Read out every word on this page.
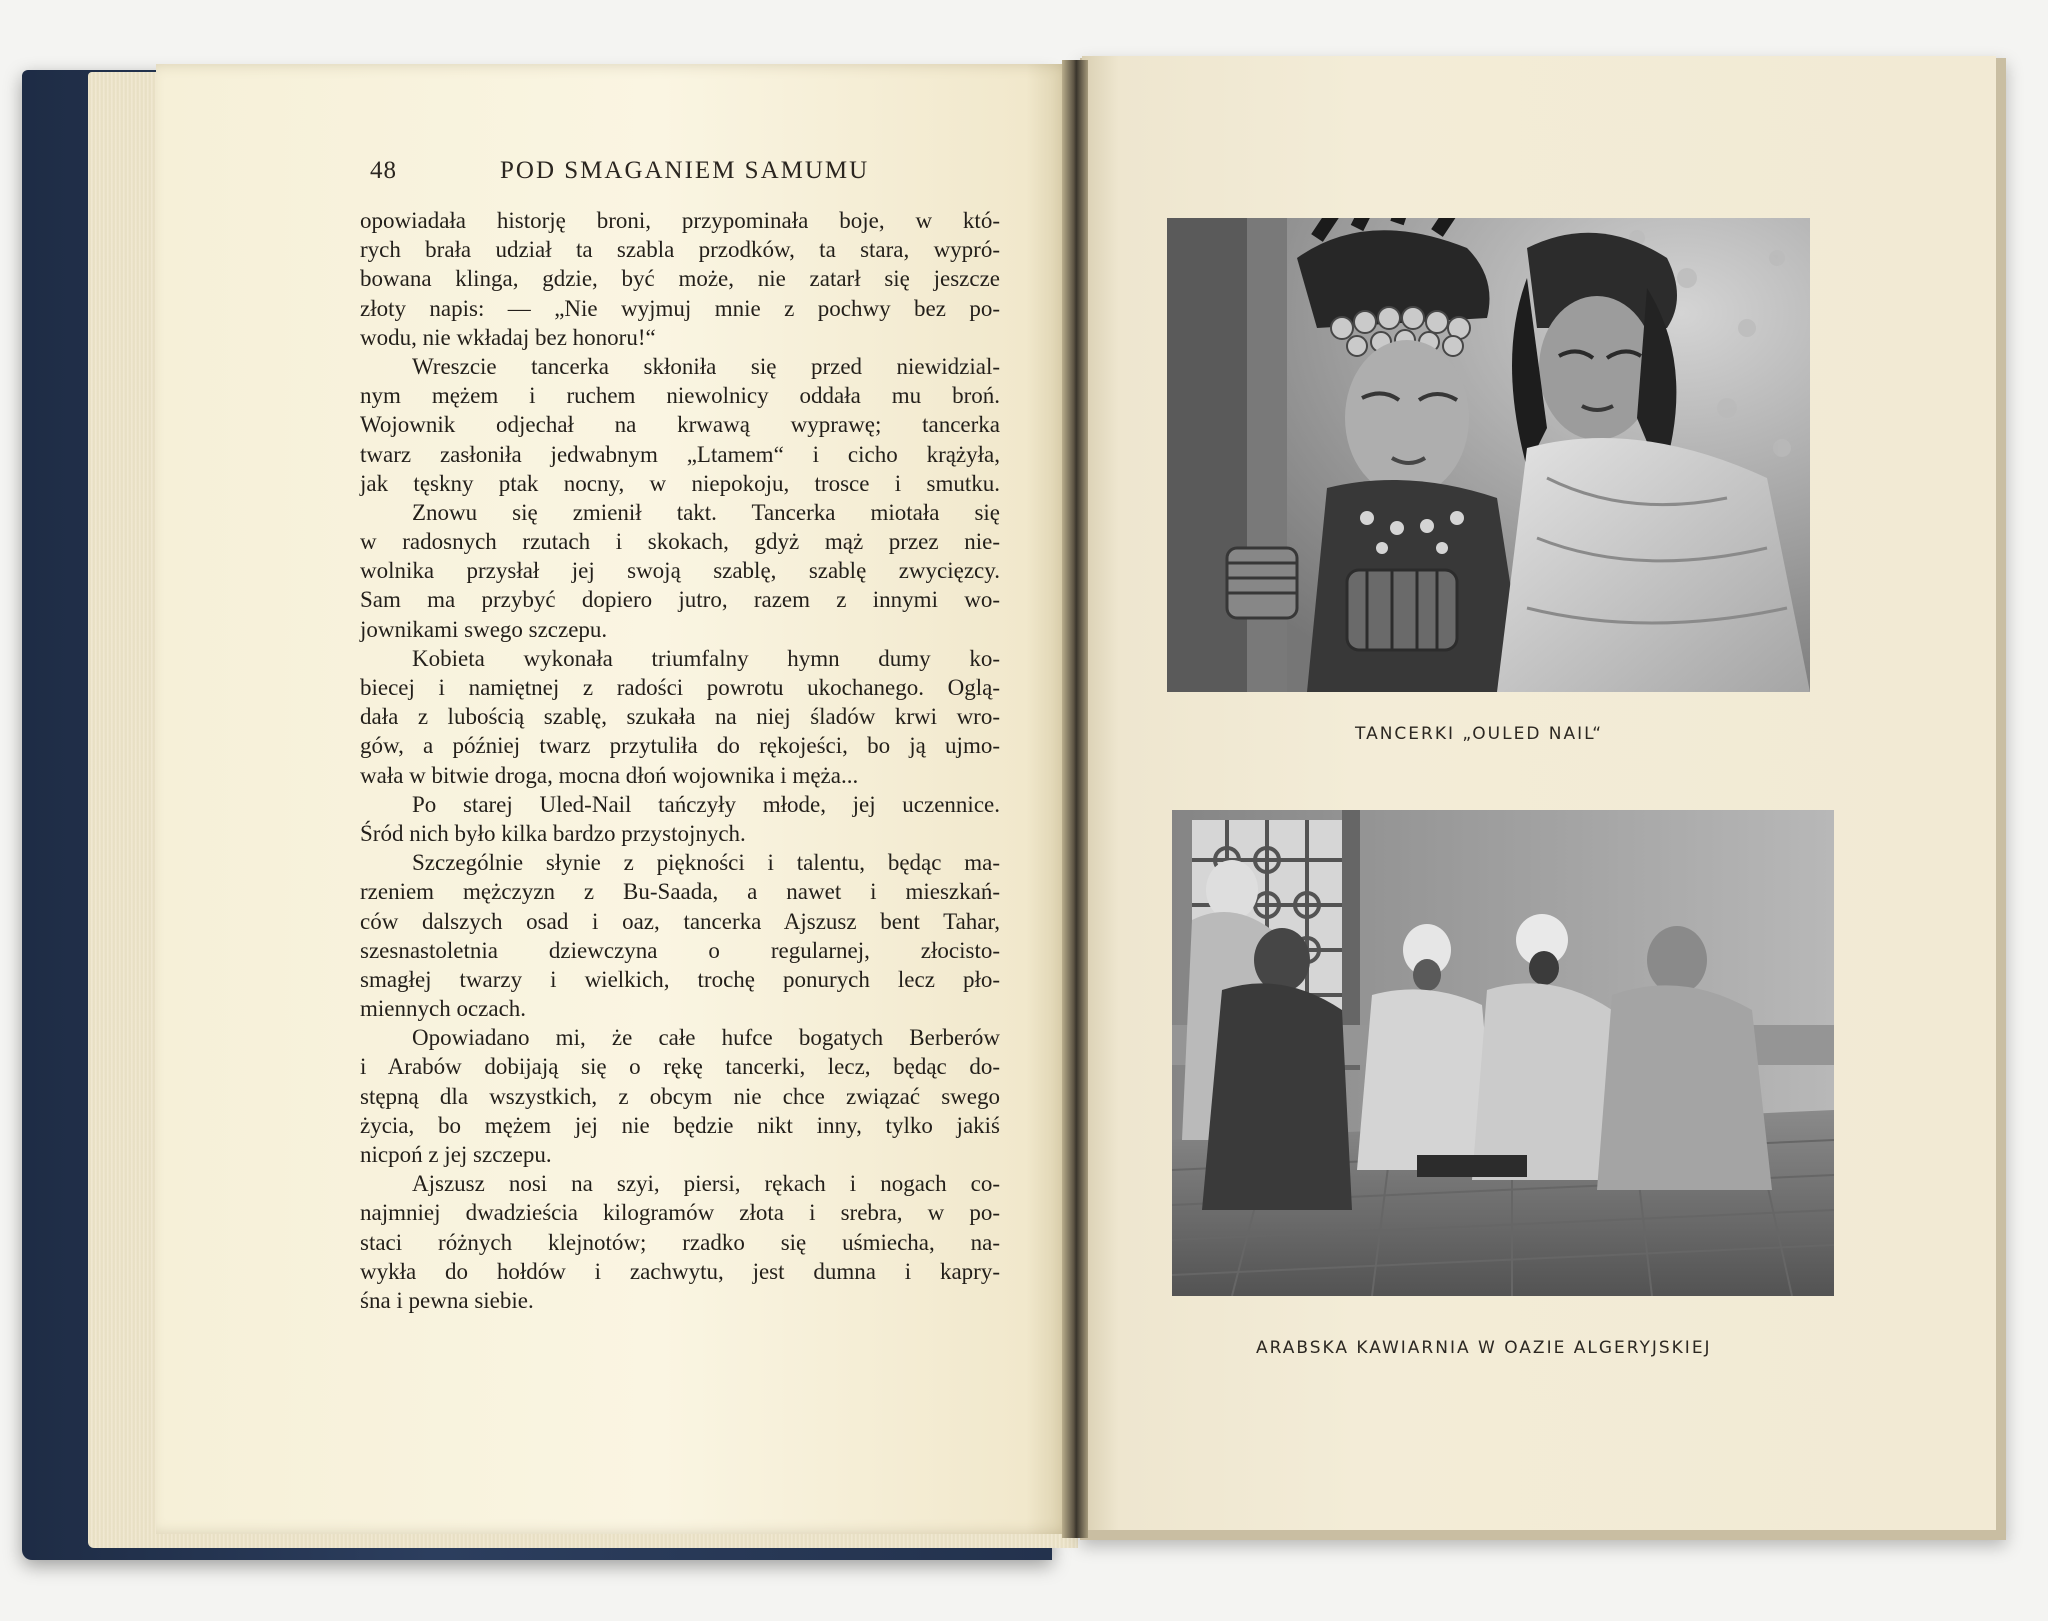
48	POD SMAGANIEM SAMUMU
opowiadała historję broni, przypominała boje, w któ-
rych brała udział ta szabla przodków, ta stara, wypró-
bowana klinga, gdzie, być może, nie zatarł się jeszcze
złoty napis: — „Nie wyjmuj mnie z pochwy bez po-
wodu, nie wkładaj bez honoru!“
Wreszcie tancerka skłoniła się przed niewidzial-
nym mężem i ruchem niewolnicy oddała mu broń.
Wojownik odjechał na krwawą wyprawę; tancerka
twarz zasłoniła jedwabnym „Ltamem“ i cicho krążyła,
jak tęskny ptak nocny, w niepokoju, trosce i smutku.
Znowu się zmienił takt. Tancerka miotała się
w radosnych rzutach i skokach, gdyż mąż przez nie-
wolnika przysłał jej swoją szablę, szablę zwycięzcy.
Sam ma przybyć dopiero jutro, razem z innymi wo-
jownikami swego szczepu.
Kobieta wykonała triumfalny hymn dumy ko-
biecej i namiętnej z radości powrotu ukochanego. Oglą-
dała z lubością szablę, szukała na niej śladów krwi wro-
gów, a później twarz przytuliła do rękojeści, bo ją ujmo-
wała w bitwie droga, mocna dłoń wojownika i męża...
Po starej Uled-Nail tańczyły młode, jej uczennice.
Śród nich było kilka bardzo przystojnych.
Szczególnie słynie z piękności i talentu, będąc ma-
rzeniem mężczyzn z Bu-Saada, a nawet i mieszkań-
ców dalszych osad i oaz, tancerka Ajszusz bent Tahar,
szesnastoletnia dziewczyna o regularnej, złocisto-
smagłej twarzy i wielkich, trochę ponurych lecz pło-
miennych oczach.
Opowiadano mi, że całe hufce bogatych Berberów
i Arabów dobijają się o rękę tancerki, lecz, będąc do-
stępną dla wszystkich, z obcym nie chce związać swego
życia, bo mężem jej nie będzie nikt inny, tylko jakiś
nicpoń z jej szczepu.
Ajszusz nosi na szyi, piersi, rękach i nogach co-
najmniej dwadzieścia kilogramów złota i srebra, w po-
staci różnych klejnotów; rzadko się uśmiecha, na-
wykła do hołdów i zachwytu, jest dumna i kapry-
śna i pewna siebie.
TANCERKI „OULED NAIL“
ARABSKA KAWIARNIA W OAZIE ALGERYJSKIEJ
